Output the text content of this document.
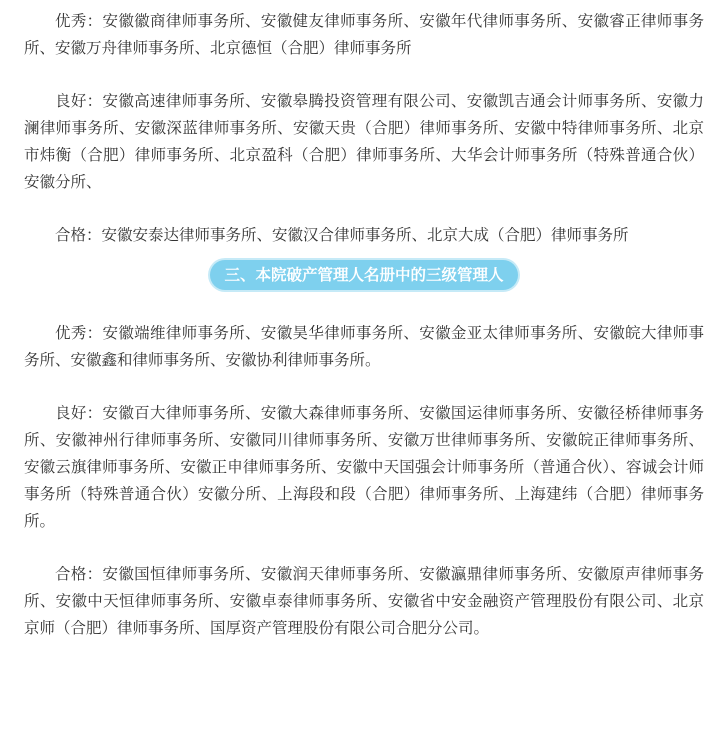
优秀：安徽徽商律师事务所、安徽健友律师事务所、安徽年代律师事务所、安徽睿正律师事务所、安徽万舟律师事务所、北京德恒（合肥）律师事务所

良好：安徽高速律师事务所、安徽皋腾投资管理有限公司、安徽凯吉通会计师事务所、安徽力澜律师事务所、安徽深蓝律师事务所、安徽天贵（合肥）律师事务所、安徽中特律师事务所、北京市炜衡（合肥）律师事务所、北京盈科（合肥）律师事务所、大华会计师事务所（特殊普通合伙）安徽分所、

合格：安徽安泰达律师事务所、安徽汉合律师事务所、北京大成（合肥）律师事务所

三、本院破产管理人名册中的三级管理人

优秀：安徽端维律师事务所、安徽昊华律师事务所、安徽金亚太律师事务所、安徽皖大律师事务所、安徽鑫和律师事务所、安徽协利律师事务所。

良好：安徽百大律师事务所、安徽大森律师事务所、安徽国运律师事务所、安徽径桥律师事务所、安徽神州行律师事务所、安徽同川律师事务所、安徽万世律师事务所、安徽皖正律师事务所、安徽云旗律师事务所、安徽正申律师事务所、安徽中天国强会计师事务所（普通合伙）、容诚会计师事务所（特殊普通合伙）安徽分所、上海段和段（合肥）律师事务所、上海建纬（合肥）律师事务所。

合格：安徽国恒律师事务所、安徽润天律师事务所、安徽瀛鼎律师事务所、安徽原声律师事务所、安徽中天恒律师事务所、安徽卓泰律师事务所、安徽省中安金融资产管理股份有限公司、北京京师（合肥）律师事务所、国厚资产管理股份有限公司合肥分公司。
